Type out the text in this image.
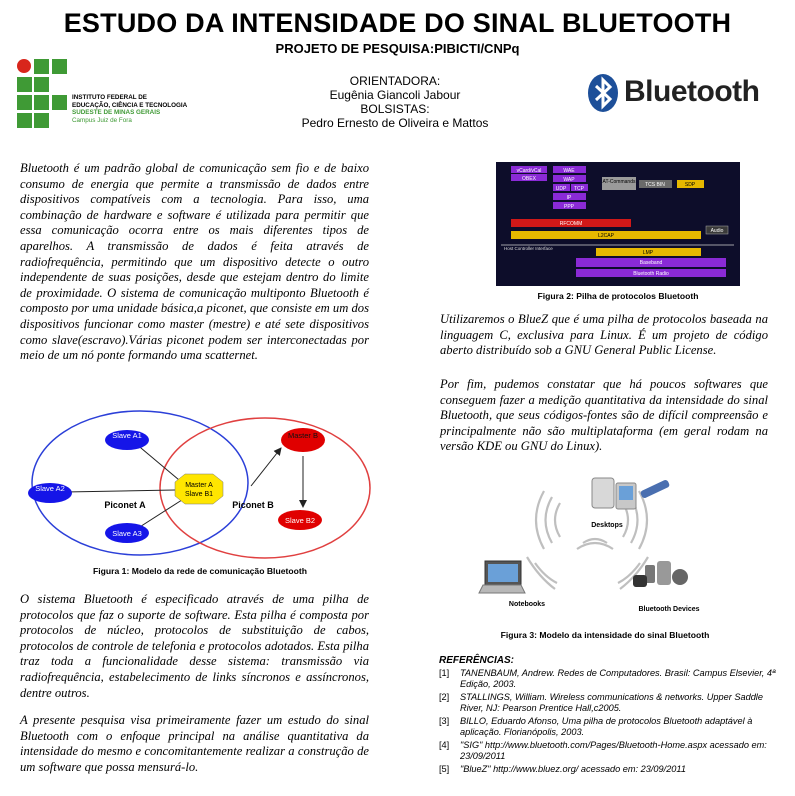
ESTUDO DA INTENSIDADE DO SINAL BLUETOOTH
PROJETO DE PESQUISA:PIBICTI/CNPq
ORIENTADORA:
Eugênia Giancoli Jabour
BOLSISTAS:
Pedro Ernesto de Oliveira e Mattos
INSTITUTO FEDERAL DE
EDUCAÇÃO, CIÊNCIA E TECNOLOGIA
SUDESTE DE MINAS GERAIS
Campus Juiz de Fora
Bluetooth
Bluetooth é um padrão global de comunicação sem fio e de baixo consumo de energia que permite a transmissão de dados entre dispositivos compatíveis com a tecnologia. Para isso, uma combinação de hardware e software é utilizada para permitir que essa comunicação ocorra entre os mais diferentes tipos de aparelhos. A transmissão de dados é feita através de radiofrequência, permitindo que um dispositivo detecte o outro independente de suas posições, desde que estejam dentro do limite de proximidade. O sistema de comunicação multiponto Bluetooth é composto por uma unidade básica,a piconet, que consiste em um dos dispositivos funcionar como master (mestre) e até sete dispositivos como slave(escravo).Várias piconet podem ser interconectadas por meio de um nó ponte formando uma scatternet.
Slave A1
Slave A2
Slave A3
Master A
Slave B1
Master B
Slave B2
Piconet A	Piconet B
Figura 1: Modelo da rede de comunicação Bluetooth
O sistema Bluetooth é especificado através de uma pilha de protocolos que faz o suporte de software. Esta pilha é composta por protocolos de núcleo, protocolos de substituição de cabos, protocolos de controle de telefonia e protocolos adotados. Esta pilha traz toda a funcionalidade desse sistema: transmissão via radiofrequência, estabelecimento de links síncronos e assíncronos, dentre outros.
A presente pesquisa visa primeiramente fazer um estudo do sinal Bluetooth com o enfoque principal na análise quantitativa da intensidade do mesmo e concomitantemente realizar a construção de um software que possa mensurá-lo.
vCard/vCal
OBEX
WAE
WAP	AT-Commands TCS BIN	SDP
UDP TCP
IP
PPP
RFCOMM
L2CAP
Audio
Host Controller Interface
LMP
Baseband
Bluetooth Radio
Figura 2: Pilha de protocolos Bluetooth
Utilizaremos o BlueZ que é uma pilha de protocolos baseada na linguagem C, exclusiva para Linux. É um projeto de código aberto distribuído sob a GNU General Public License.
Por fim, pudemos constatar que há poucos softwares que conseguem fazer a medição quantitativa da intensidade do sinal Bluetooth, que seus códigos-fontes são de difícil compreensão e principalmente não são multiplataforma (em geral rodam na versão KDE ou GNU do Linux).
Desktops
Notebooks
Bluetooth Devices
Figura 3: Modelo da intensidade do sinal Bluetooth
REFERÊNCIAS:
[1] TANENBAUM, Andrew. Redes de Computadores. Brasil: Campus Elsevier, 4ª Edição, 2003.
[2] STALLINGS, William. Wireless communications & networks. Upper Saddle River, NJ: Pearson Prentice Hall,c2005.
[3] BILLO, Eduardo Afonso, Uma pilha de protocolos Bluetooth adaptável à aplicação. Florianópolis, 2003.
[4] "SIG" http://www.bluetooth.com/Pages/Bluetooth-Home.aspx acessado em: 23/09/2011
[5] "BlueZ" http://www.bluez.org/ acessado em: 23/09/2011
